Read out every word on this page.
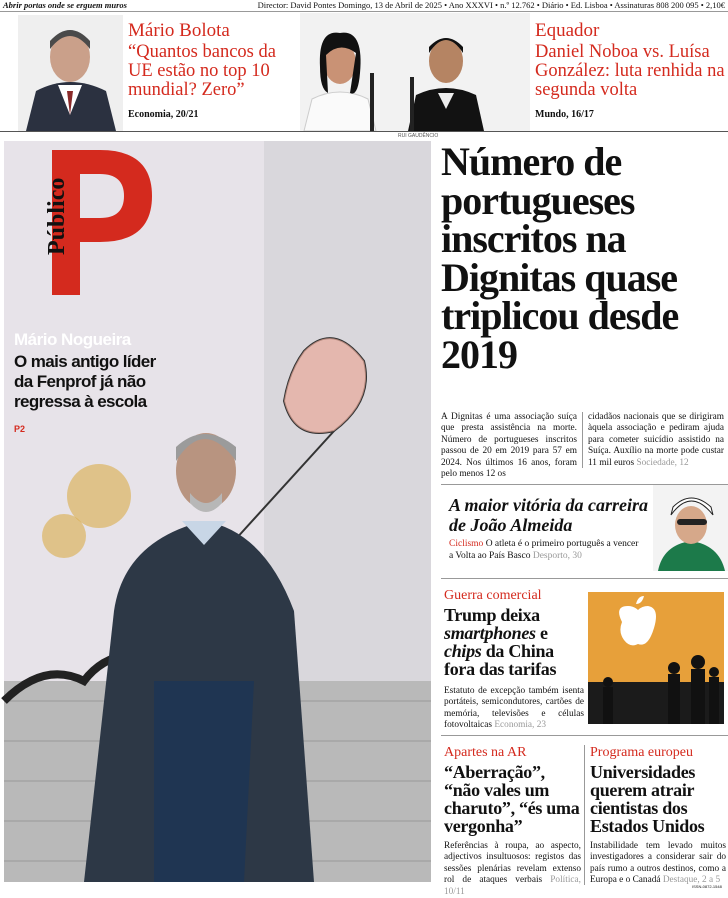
Abrir portas onde se erguem muros	Director: David Pontes Domingo, 13 de Abril de 2025 • Ano XXXVI • n.º 12.762 • Diário • Ed. Lisboa • Assinaturas 808 200 095 • 2,10€
Mário Bolota
“Quantos bancos da UE estão no top 10 mundial? Zero”
Economia, 20/21
Equador
Daniel Noboa vs. Luísa González: luta renhida na segunda volta
Mundo, 16/17
RUI GAUDÊNCIO
Público
Mário Nogueira
O mais antigo líder da Fenprof já não regressa à escola
P2
Número de portugueses inscritos na Dignitas quase triplicou desde 2019
A Dignitas é uma associação suíça que presta assistência na morte. Número de portugueses inscritos passou de 20 em 2019 para 57 em 2024. Nos últimos 16 anos, foram pelo menos 12 os
cidadãos nacionais que se dirigiram àquela associação e pediram ajuda para cometer suicídio assistido na Suíça. Auxílio na morte pode custar 11 mil euros Sociedade, 12
A maior vitória da carreira de João Almeida
Ciclismo O atleta é o primeiro português a vencer a Volta ao País Basco Desporto, 30
Guerra comercial
Trump deixa smartphones e chips da China fora das tarifas
Estatuto de excepção também isenta portáteis, semicondutores, cartões de memória, televisões e células fotovoltaicas Economia, 23
Apartes na AR
“Aberração”, “não vales um charuto”, “és uma vergonha”
Referências à roupa, ao aspecto, adjectivos insultuosos: registos das sessões plenárias revelam extenso rol de ataques verbais Política, 10/11
Programa europeu
Universidades querem atrair cientistas dos Estados Unidos
Instabilidade tem levado muitos investigadores a considerar sair do país rumo a outros destinos, como a Europa e o Canadá Destaque, 2 a 5
ISSN-0872-1548
